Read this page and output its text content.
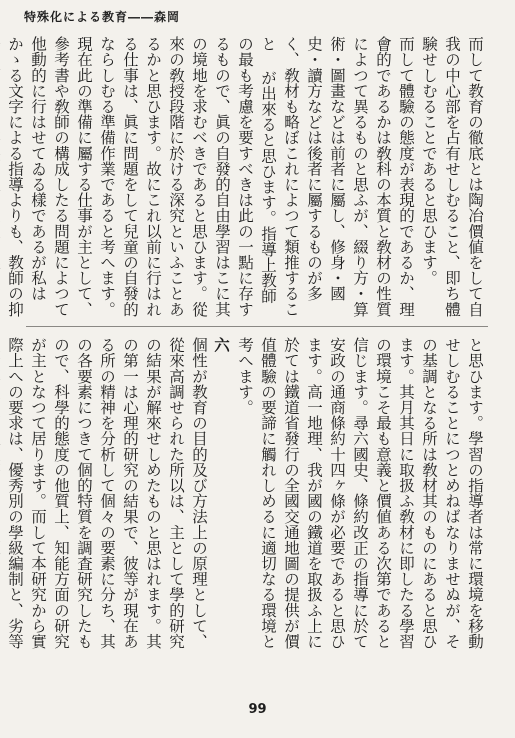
特殊化による教育――森岡

而して教育の徹底とは陶冶價値をして自我の中心部を占有せしむること、即ち體験せしむることであると思ひます。

而して體驗の態度が表現的であるか、理會的であるかは敎科の本質と敎材の性質によつて異るものと思ふが、綴り方・算術・圖畫などは前者に屬し、修身・國史・讀方などは後者に屬するものが多く、敎材も略ぼこれによつて類推すること が出來ると思ひます。指導上教師の最も考慮を要すべきは此の一點に存するもので、眞の自發的自由學習はこに其の境地を求むべきであると思ひます。從來の敎授段階に於ける深究といふことあるかと思ひます。故にこれ以前に行はれる仕事は、眞に問題をして兒童の自發的ならしむる準備作業であると考へます。現在此の準備に屬する仕事が主として、參考書や敎師の構成したる問題によつて他動的に行はせてゐる樣であるが私はかゝる文字による指導よりも、教師の抑

と思ひます。學習の指導者は常に環境を移動せしむることにつとめねばなりませぬが、その基調となる所は敎材其のものにあると思ひます。其月其日に取扱ふ敎材に即したる學習の環境こそ最も意義と價値ある次第であると信じます。尋六國史、條約改正の指導に於て安政の通商條約十四ヶ條が必要であると思ひます。高一地理、我が國の鐵道を取扱ふ上に於ては鐵道省發行の全國交通地圖の提供が價值體驗の要諦に觸れしめるに適切なる環境と考へます。

六

個性が教育の目的及び方法上の原理として、從來高調せられた所以は、主として學的研究の結果が解來せしめたものと思はれます。其の第一は心理的研究の結果で、彼等が現在ある所の精神を分析して個々の要素に分ち、其の各要素につきて個的特質を調査研究したもので、科學的態度の他質上、知能方面の研究が主となつて居ります。而して本研究から實際上への要求は、優秀別の學級編制と、劣等

99
